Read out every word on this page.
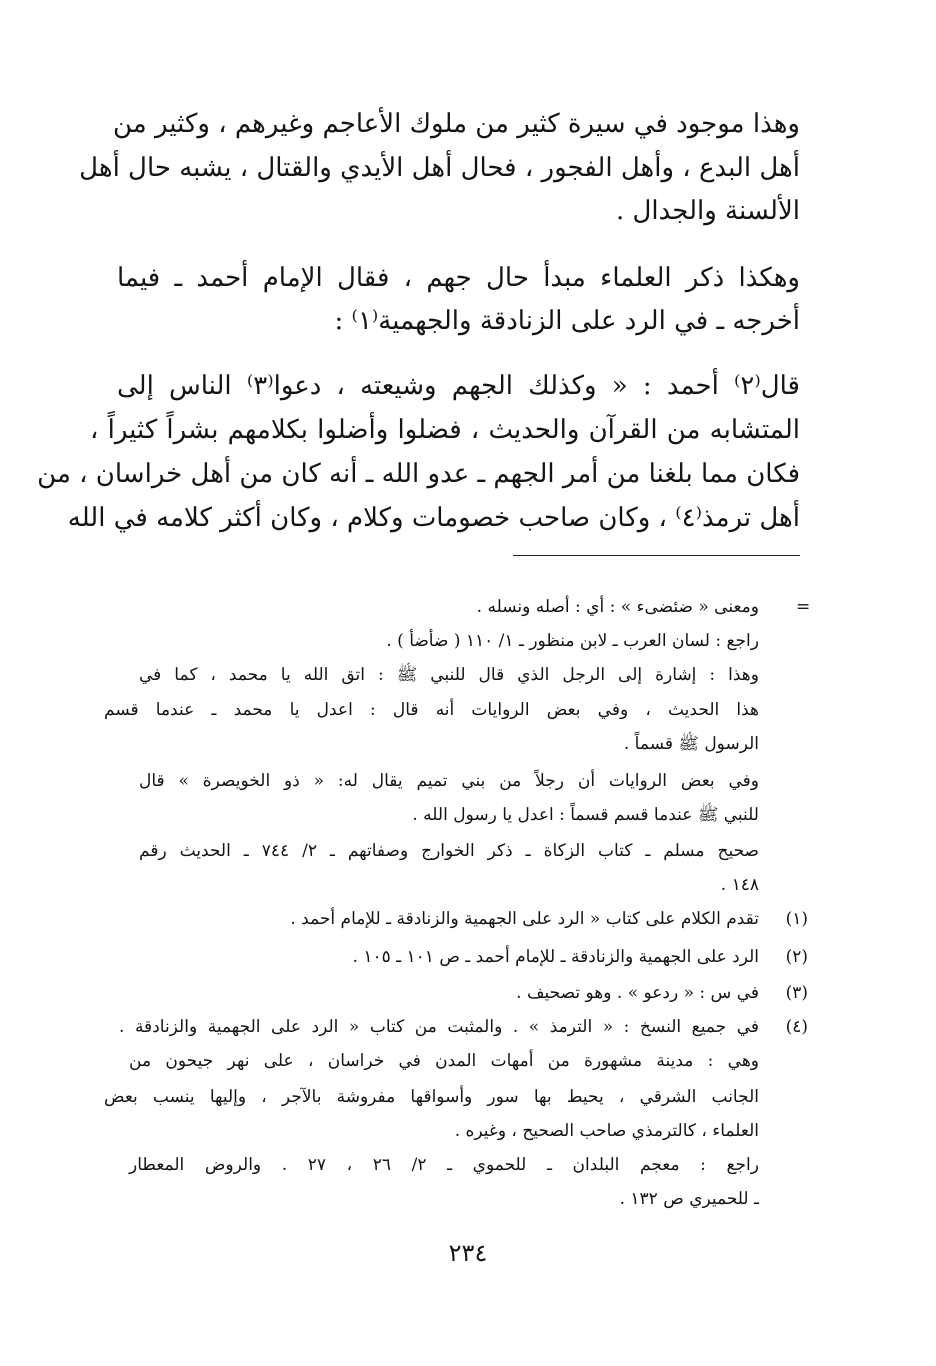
وهذا موجود في سيرة كثير من ملوك الأعاجم وغيرهم ، وكثير من
أهل البدع ، وأهل الفجور ، فحال أهل الأيدي والقتال ، يشبه حال أهل
الألسنة والجدال .
وهكذا ذكر العلماء مبدأ حال جهم ، فقال الإمام أحمد ـ فيما
أخرجه ـ في الرد على الزنادقة والجهمية⁽١⁾ :
قال⁽٢⁾ أحمد : « وكذلك الجهم وشيعته ، دعوا⁽٣⁾ الناس إلى
المتشابه من القرآن والحديث ، فضلوا وأضلوا بكلامهم بشراً كثيراً ،
فكان مما بلغنا من أمر الجهم ـ عدو الله ـ أنه كان من أهل خراسان ، من
أهل ترمذ⁽٤⁾ ، وكان صاحب خصومات وكلام ، وكان أكثر كلامه في الله
=
ومعنى « ضئضىء » : أي : أصله ونسله .
راجع : لسان العرب ـ لابن منظور ـ ١/ ١١٠ ( ضأضأ ) .
وهذا : إشارة إلى الرجل الذي قال للنبي ﷺ : اتق الله يا محمد ، كما في
هذا الحديث ، وفي بعض الروايات أنه قال : اعدل يا محمد ـ عندما قسم
الرسول ﷺ قسماً .
وفي بعض الروايات أن رجلاً من بني تميم يقال له: « ذو الخويصرة » قال
للنبي ﷺ عندما قسم قسماً : اعدل يا رسول الله .
صحيح مسلم ـ كتاب الزكاة ـ ذكر الخوارج وصفاتهم ـ ٢/ ٧٤٤ ـ الحديث رقم
١٤٨ .
(١)
تقدم الكلام على كتاب « الرد على الجهمية والزنادقة ـ للإمام أحمد .
(٢)
الرد على الجهمية والزنادقة ـ للإمام أحمد ـ ص ١٠١ ـ ١٠٥ .
(٣)
في س : « ردعو » . وهو تصحيف .
(٤)
في جميع النسخ : « الترمذ » . والمثبت من كتاب « الرد على الجهمية والزنادقة .
وهي : مدينة مشهورة من أمهات المدن في خراسان ، على نهر جيحون من
الجانب الشرقي ، يحيط بها سور وأسواقها مفروشة بالآجر ، وإليها ينسب بعض
العلماء ، كالترمذي صاحب الصحيح ، وغيره .
راجع : معجم البلدان ـ للحموي ـ ٢/ ٢٦ ، ٢٧ . والروض المعطار
ـ للحميري ص ١٣٢ .
٢٣٤
